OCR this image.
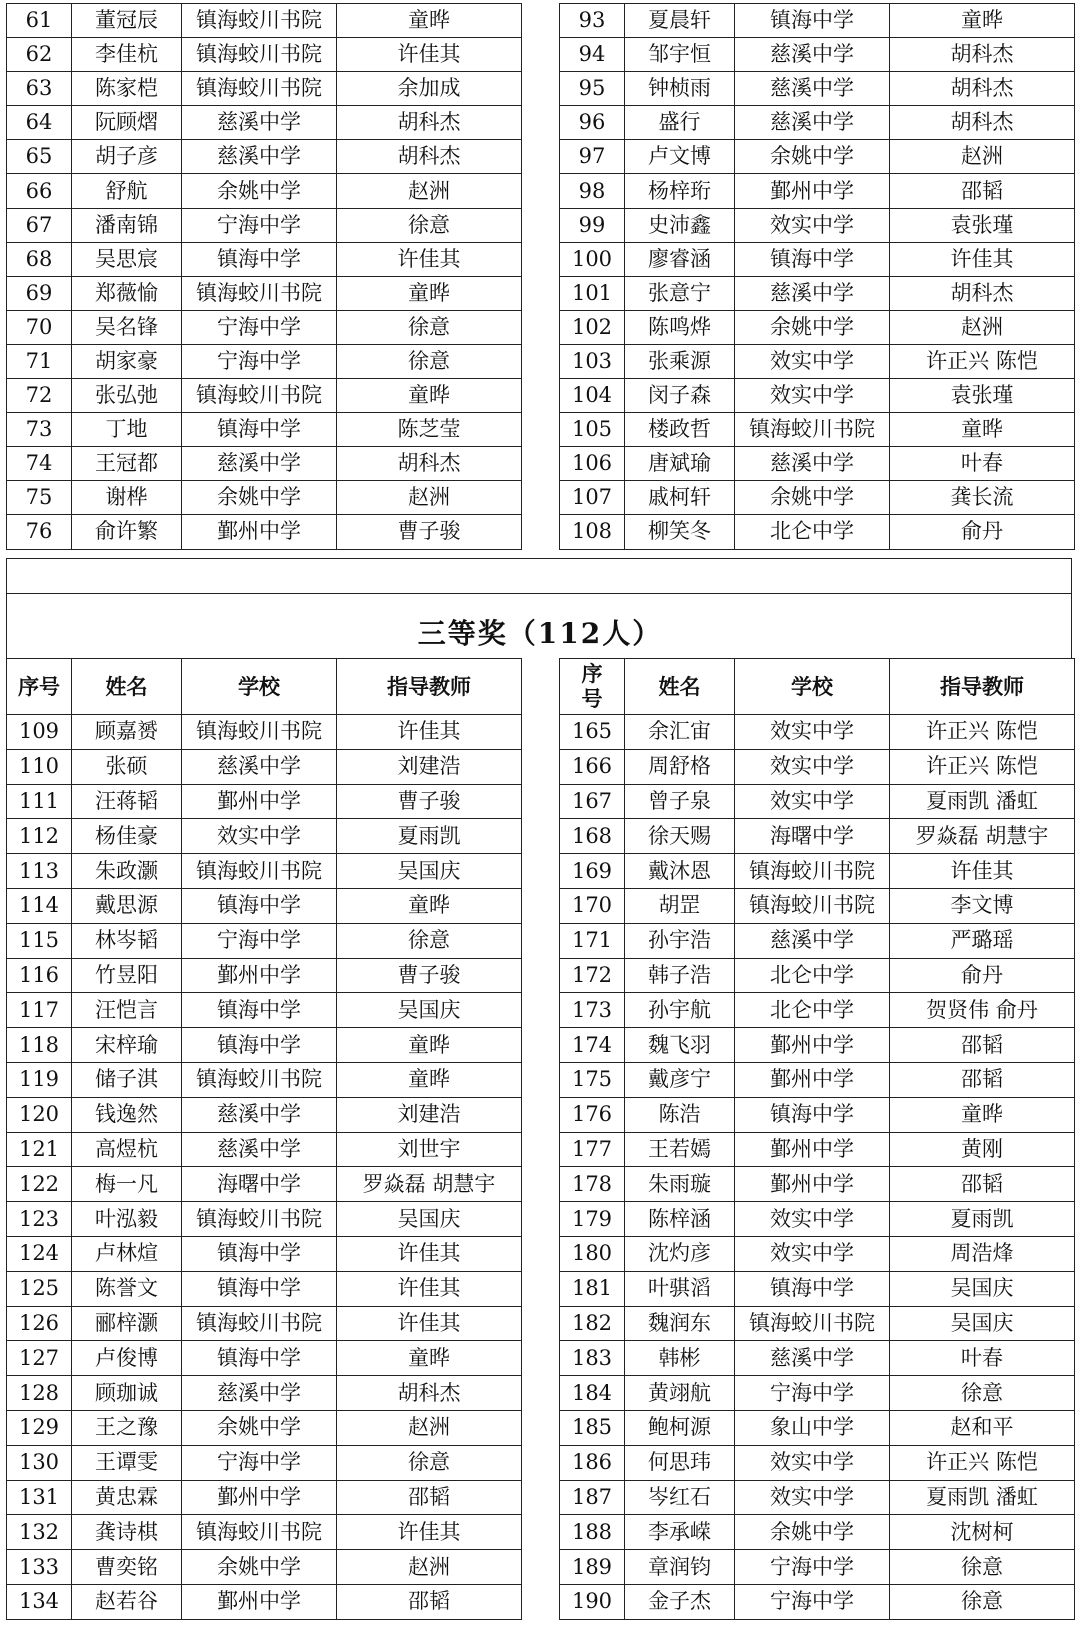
61	董冠辰	镇海蛟川书院	童晔
62	李佳杭	镇海蛟川书院	许佳其
63	陈家桤	镇海蛟川书院	余加成
64	阮顾熠	慈溪中学	胡科杰
65	胡子彦	慈溪中学	胡科杰
66	舒航	余姚中学	赵洲
67	潘南锦	宁海中学	徐意
68	吴思宸	镇海中学	许佳其
69	郑薇愉	镇海蛟川书院	童晔
70	吴名锋	宁海中学	徐意
71	胡家豪	宁海中学	徐意
72	张弘弛	镇海蛟川书院	童晔
73	丁地	镇海中学	陈芝莹
74	王冠都	慈溪中学	胡科杰
75	谢桦	余姚中学	赵洲
76	俞许繁	鄞州中学	曹子骏
93	夏晨轩	镇海中学	童晔
94	邹宇恒	慈溪中学	胡科杰
95	钟桢雨	慈溪中学	胡科杰
96	盛行	慈溪中学	胡科杰
97	卢文博	余姚中学	赵洲
98	杨梓珩	鄞州中学	邵韬
99	史沛鑫	效实中学	袁张瑾
100	廖睿涵	镇海中学	许佳其
101	张意宁	慈溪中学	胡科杰
102	陈鸣烨	余姚中学	赵洲
103	张乘源	效实中学	许正兴 陈恺
104	闵子森	效实中学	袁张瑾
105	楼政哲	镇海蛟川书院	童晔
106	唐斌瑜	慈溪中学	叶春
107	戚柯轩	余姚中学	龚长流
108	柳笑冬	北仑中学	俞丹
三等奖（112人）
序号	姓名	学校	指导教师
109	顾嘉赟	镇海蛟川书院	许佳其
110	张硕	慈溪中学	刘建浩
111	汪蒋韬	鄞州中学	曹子骏
112	杨佳豪	效实中学	夏雨凯
113	朱政灏	镇海蛟川书院	吴国庆
114	戴思源	镇海中学	童晔
115	林岑韬	宁海中学	徐意
116	竹昱阳	鄞州中学	曹子骏
117	汪恺言	镇海中学	吴国庆
118	宋梓瑜	镇海中学	童晔
119	储子淇	镇海蛟川书院	童晔
120	钱逸然	慈溪中学	刘建浩
121	高煜杭	慈溪中学	刘世宇
122	梅一凡	海曙中学	罗焱磊 胡慧宇
123	叶泓毅	镇海蛟川书院	吴国庆
124	卢林煊	镇海中学	许佳其
125	陈誉文	镇海中学	许佳其
126	郦梓灏	镇海蛟川书院	许佳其
127	卢俊博	镇海中学	童晔
128	顾珈诚	慈溪中学	胡科杰
129	王之豫	余姚中学	赵洲
130	王谭雯	宁海中学	徐意
131	黄忠霖	鄞州中学	邵韬
132	龚诗棋	镇海蛟川书院	许佳其
133	曹奕铭	余姚中学	赵洲
134	赵若谷	鄞州中学	邵韬
序
号	姓名	学校	指导教师
165	余汇宙	效实中学	许正兴 陈恺
166	周舒格	效实中学	许正兴 陈恺
167	曾子泉	效实中学	夏雨凯 潘虹
168	徐天赐	海曙中学	罗焱磊 胡慧宇
169	戴沐恩	镇海蛟川书院	许佳其
170	胡罡	镇海蛟川书院	李文博
171	孙宇浩	慈溪中学	严璐瑶
172	韩子浩	北仑中学	俞丹
173	孙宇航	北仑中学	贺贤伟 俞丹
174	魏飞羽	鄞州中学	邵韬
175	戴彦宁	鄞州中学	邵韬
176	陈浩	镇海中学	童晔
177	王若嫣	鄞州中学	黄刚
178	朱雨璇	鄞州中学	邵韬
179	陈梓涵	效实中学	夏雨凯
180	沈灼彦	效实中学	周浩烽
181	叶骐滔	镇海中学	吴国庆
182	魏润东	镇海蛟川书院	吴国庆
183	韩彬	慈溪中学	叶春
184	黄翊航	宁海中学	徐意
185	鲍柯源	象山中学	赵和平
186	何思玮	效实中学	许正兴 陈恺
187	岑红石	效实中学	夏雨凯 潘虹
188	李承嵘	余姚中学	沈树柯
189	章润钧	宁海中学	徐意
190	金子杰	宁海中学	徐意
